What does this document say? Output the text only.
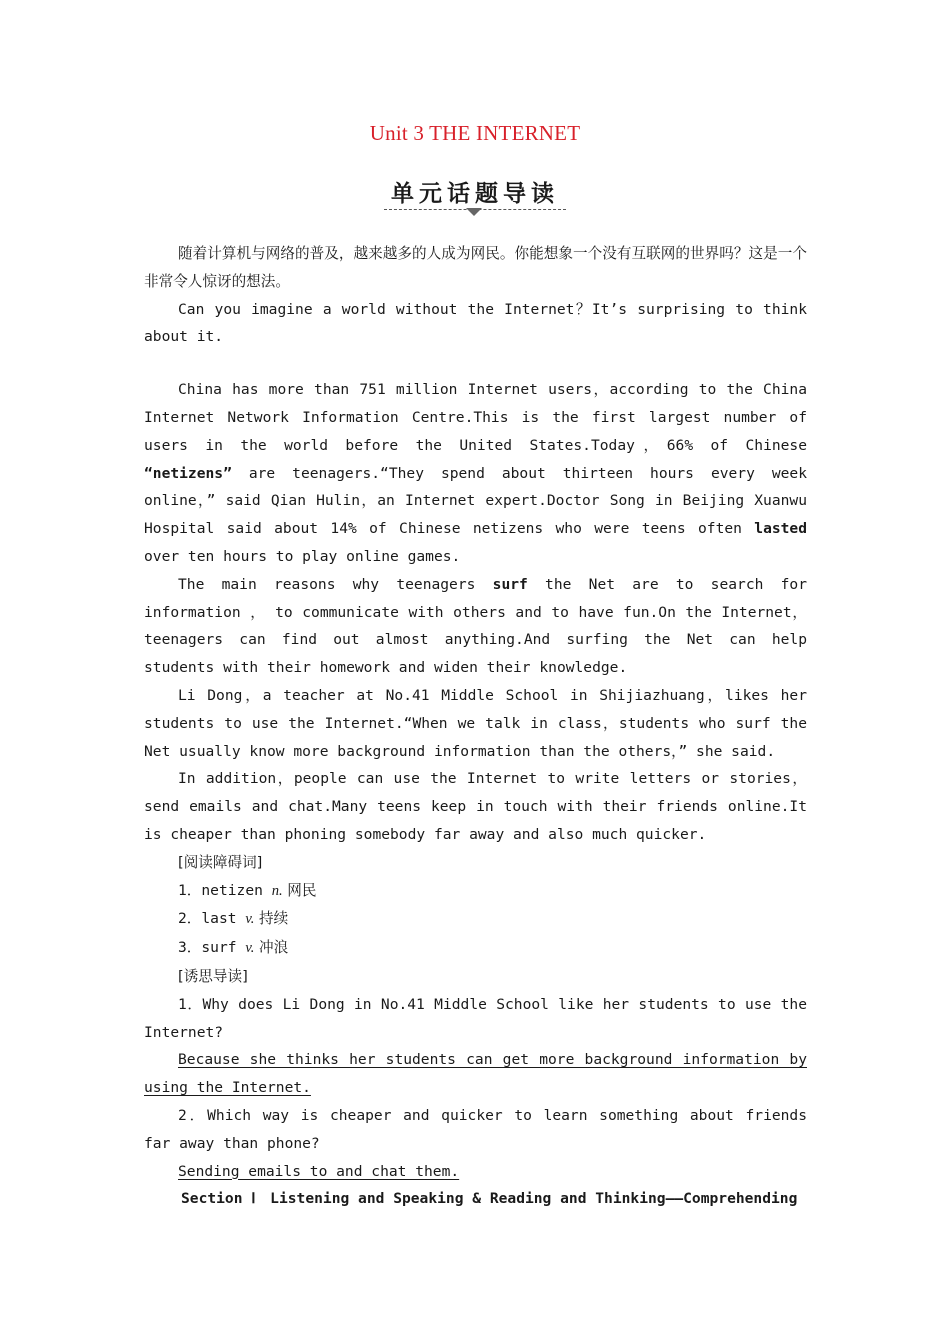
Unit 3 THE INTERNET
单元话题导读

随着计算机与网络的普及，越来越多的人成为网民。你能想象一个没有互联网的世界吗？这是一个非常令人惊讶的想法。

Can you imagine a world without the Internet？It’s surprising to think about it.

China has more than 751 million Internet users，according to the China Internet Network Information Centre.This is the first largest number of users in the world before the United States.Today，66% of Chinese “netizens” are teenagers.“They spend about thirteen hours every week online，” said Qian Hulin，an Internet expert.Doctor Song in Beijing Xuanwu Hospital said about 14% of Chinese netizens who were teens often lasted over ten hours to play online games.

The main reasons why teenagers surf the Net are to search for information ， to communicate with others and to have fun.On the Internet，teenagers can find out almost anything.And surfing the Net can help students with their homework and widen their knowledge.

Li Dong，a teacher at No.41 Middle School in Shijiazhuang，likes her students to use the Internet.“When we talk in class，students who surf the Net usually know more background information than the others，” she said.

In addition，people can use the Internet to write letters or stories，send emails and chat.Many teens keep in touch with their friends online.It is cheaper than phoning somebody far away and also much quicker.

[阅读障碍词]

1．netizen n. 网民

2．last v. 持续

3．surf v. 冲浪

[诱思导读]

1．Why does Li Dong in No.41 Middle School like her students to use the Internet?

Because she thinks her students can get more background information by using the Internet.

2．Which way is cheaper and quicker to learn something about friends far away than phone?

Sending emails to and chat them.

Section Ⅰ　Listening and Speaking & Reading and Thinking——Comprehending
